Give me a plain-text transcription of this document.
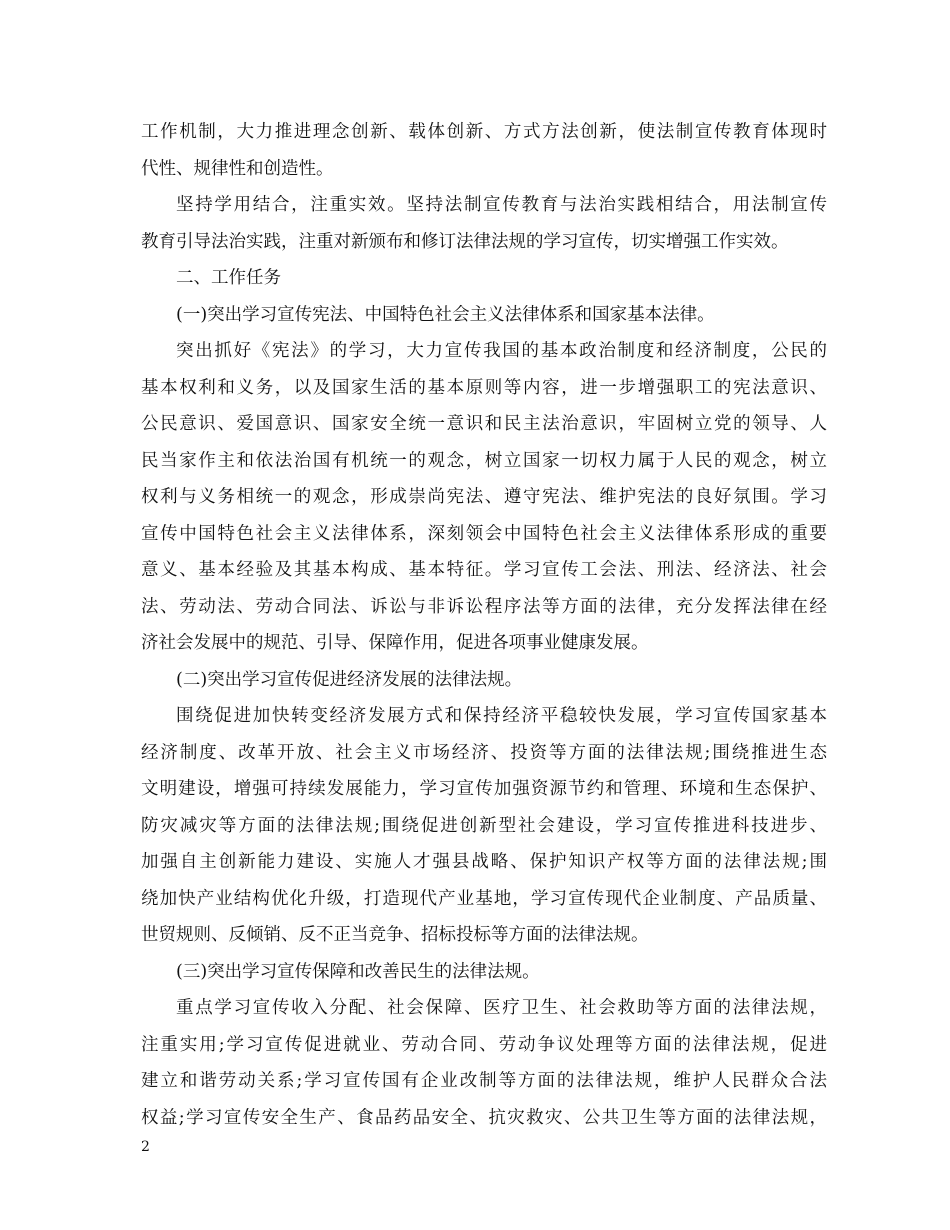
工作机制，大力推进理念创新、载体创新、方式方法创新，使法制宣传教育体现时
代性、规律性和创造性。
坚持学用结合，注重实效。坚持法制宣传教育与法治实践相结合，用法制宣传
教育引导法治实践，注重对新颁布和修订法律法规的学习宣传，切实增强工作实效。
二、工作任务
(一)突出学习宣传宪法、中国特色社会主义法律体系和国家基本法律。
突出抓好《宪法》的学习，大力宣传我国的基本政治制度和经济制度，公民的
基本权利和义务，以及国家生活的基本原则等内容，进一步增强职工的宪法意识、
公民意识、爱国意识、国家安全统一意识和民主法治意识，牢固树立党的领导、人
民当家作主和依法治国有机统一的观念，树立国家一切权力属于人民的观念，树立
权利与义务相统一的观念，形成崇尚宪法、遵守宪法、维护宪法的良好氛围。学习
宣传中国特色社会主义法律体系，深刻领会中国特色社会主义法律体系形成的重要
意义、基本经验及其基本构成、基本特征。学习宣传工会法、刑法、经济法、社会
法、劳动法、劳动合同法、诉讼与非诉讼程序法等方面的法律，充分发挥法律在经
济社会发展中的规范、引导、保障作用，促进各项事业健康发展。
(二)突出学习宣传促进经济发展的法律法规。
围绕促进加快转变经济发展方式和保持经济平稳较快发展，学习宣传国家基本
经济制度、改革开放、社会主义市场经济、投资等方面的法律法规;围绕推进生态
文明建设，增强可持续发展能力，学习宣传加强资源节约和管理、环境和生态保护、
防灾减灾等方面的法律法规;围绕促进创新型社会建设，学习宣传推进科技进步、
加强自主创新能力建设、实施人才强县战略、保护知识产权等方面的法律法规;围
绕加快产业结构优化升级，打造现代产业基地，学习宣传现代企业制度、产品质量、
世贸规则、反倾销、反不正当竞争、招标投标等方面的法律法规。
(三)突出学习宣传保障和改善民生的法律法规。
重点学习宣传收入分配、社会保障、医疗卫生、社会救助等方面的法律法规，
注重实用;学习宣传促进就业、劳动合同、劳动争议处理等方面的法律法规，促进
建立和谐劳动关系;学习宣传国有企业改制等方面的法律法规，维护人民群众合法
权益;学习宣传安全生产、食品药品安全、抗灾救灾、公共卫生等方面的法律法规，
2
